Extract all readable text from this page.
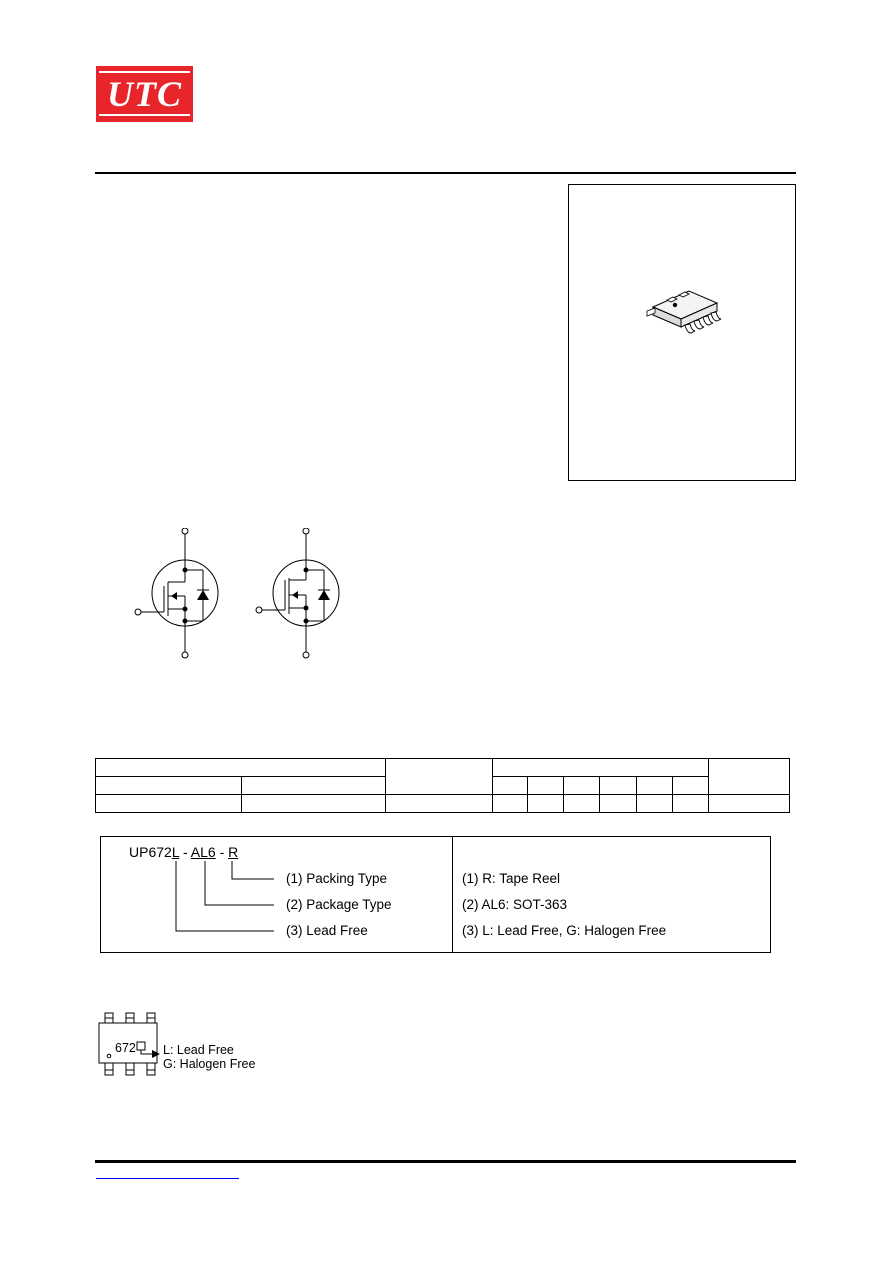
UTC

UP672L - AL6 - R
(1) Packing Type
(2) Package Type
(3) Lead Free
(1) R: Tape Reel
(2) AL6: SOT-363
(3) L: Lead Free, G: Halogen Free
672 L: Lead Free
G: Halogen Free
